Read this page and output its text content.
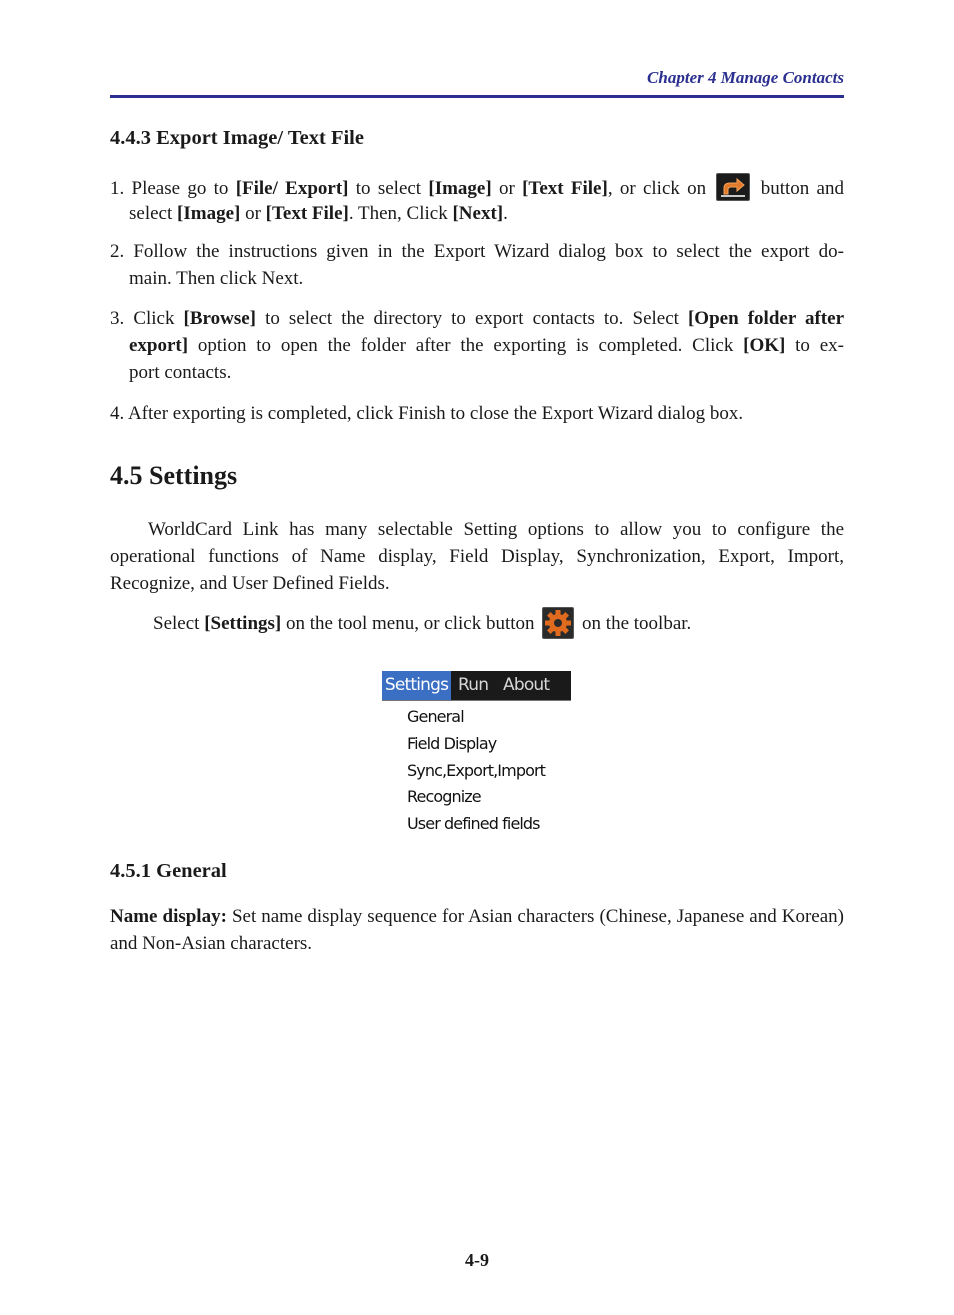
Chapter 4 Manage Contacts
4.4.3 Export Image/ Text File
1. Please go to [File/ Export] to select [Image] or [Text File], or click on  button and
select [Image] or [Text File]. Then, Click [Next].
2. Follow the instructions given in the Export Wizard dialog box to select the export do-
main. Then click Next.
3. Click [Browse] to select the directory to export contacts to. Select [Open folder after
export] option to open the folder after the exporting is completed. Click [OK] to ex-
port contacts.
4. After exporting is completed, click Finish to close the Export Wizard dialog box.
4.5 Settings
WorldCard Link has many selectable Setting options to allow you to configure the operational functions of Name display, Field Display, Synchronization, Export, Import, Recognize, and User Defined Fields.
Select [Settings] on the tool menu, or click button  on the toolbar.
Settings Run About
General
Field Display
Sync,Export,Import
Recognize
User defined fields
4.5.1 General
Name display: Set name display sequence for Asian characters (Chinese, Japanese and Korean) and Non-Asian characters.
4-9
